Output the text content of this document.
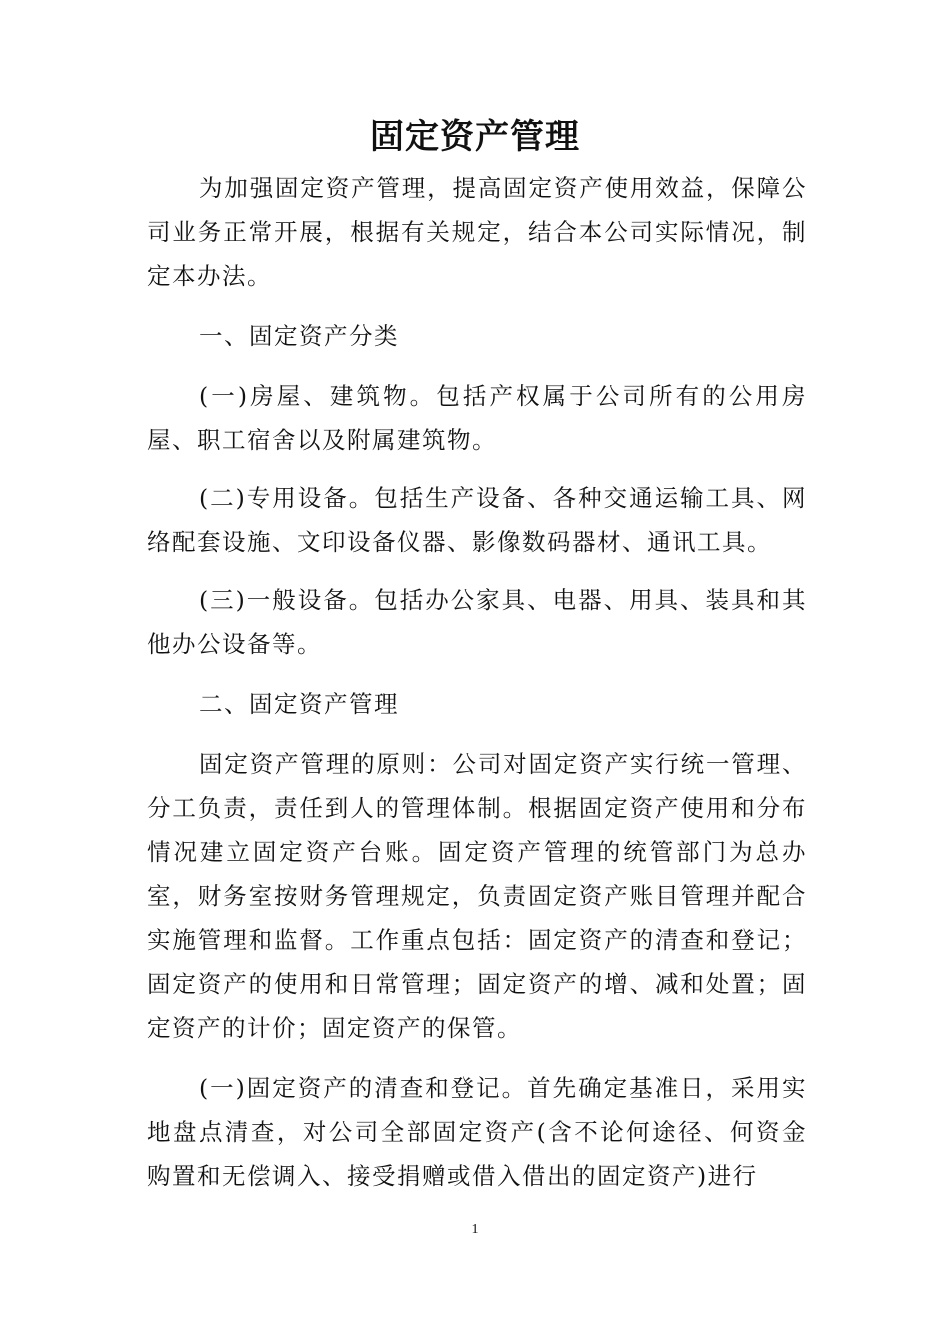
固定资产管理

为加强固定资产管理，提高固定资产使用效益，保障公司业务正常开展，根据有关规定，结合本公司实际情况，制定本办法。

一、固定资产分类

(一)房屋、建筑物。包括产权属于公司所有的公用房屋、职工宿舍以及附属建筑物。

(二)专用设备。包括生产设备、各种交通运输工具、网络配套设施、文印设备仪器、影像数码器材、通讯工具。

(三)一般设备。包括办公家具、电器、用具、装具和其他办公设备等。

二、固定资产管理

固定资产管理的原则：公司对固定资产实行统一管理、分工负责，责任到人的管理体制。根据固定资产使用和分布情况建立固定资产台账。固定资产管理的统管部门为总办室，财务室按财务管理规定，负责固定资产账目管理并配合实施管理和监督。工作重点包括：固定资产的清查和登记；固定资产的使用和日常管理；固定资产的增、减和处置；固定资产的计价；固定资产的保管。

(一)固定资产的清查和登记。首先确定基准日，采用实地盘点清查，对公司全部固定资产(含不论何途径、何资金购置和无偿调入、接受捐赠或借入借出的固定资产)进行

1
